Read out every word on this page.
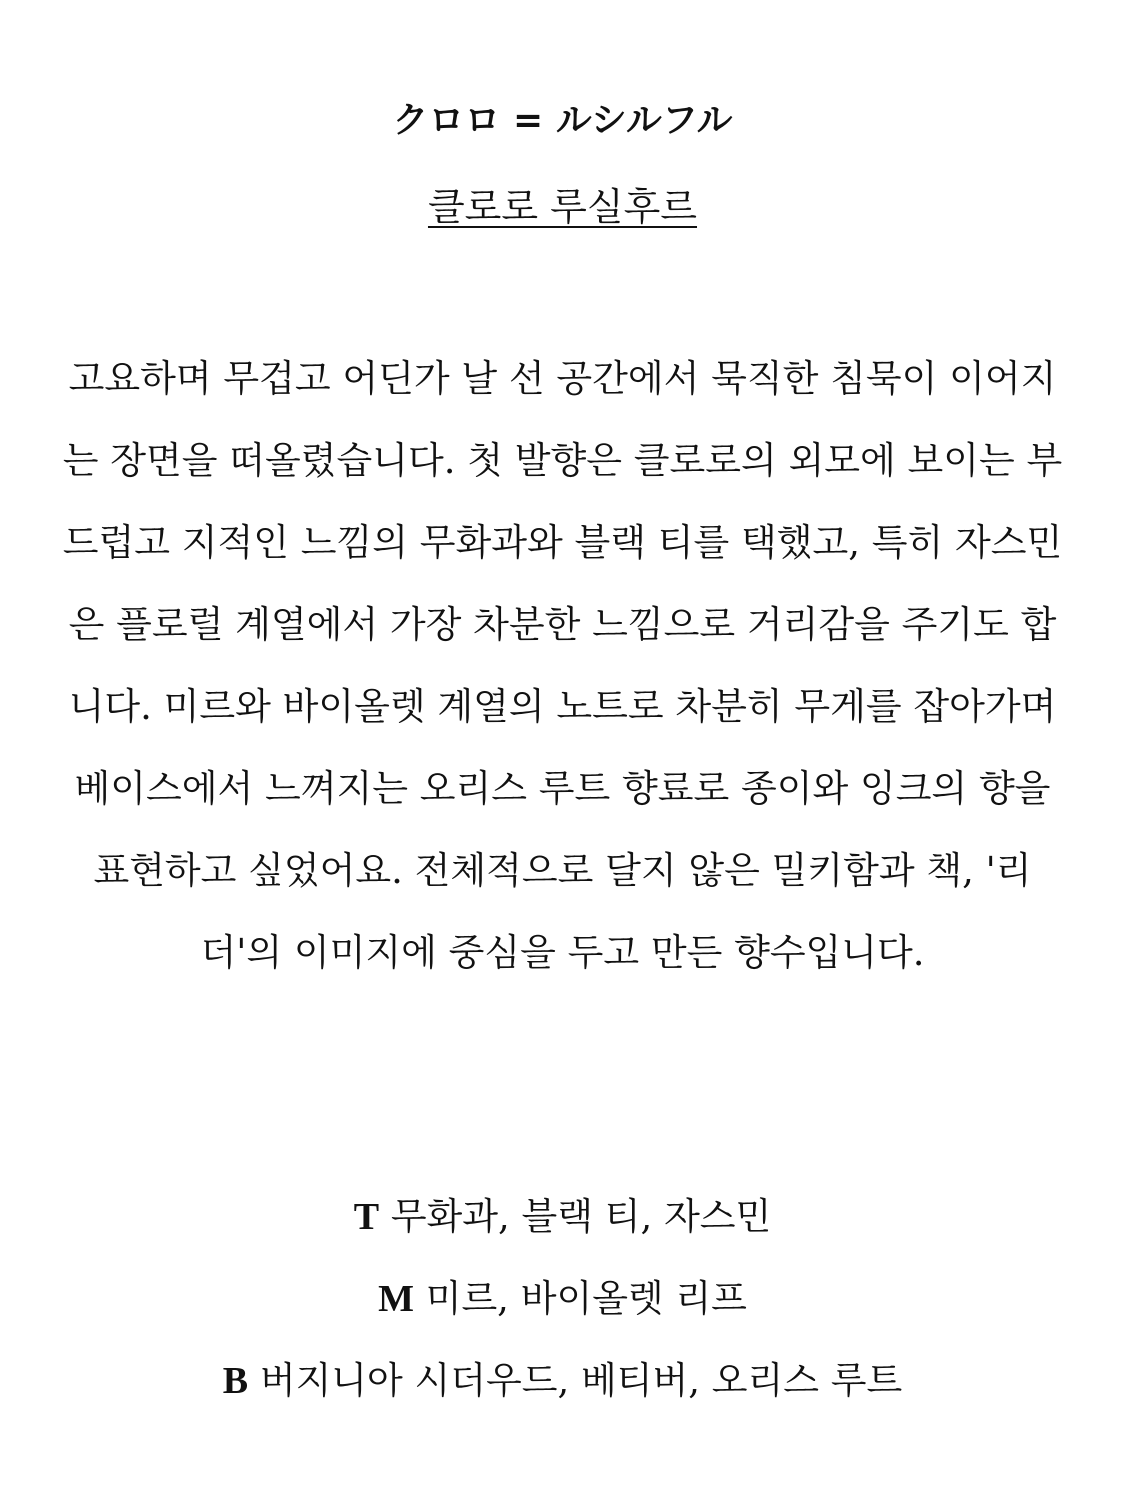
クロロ = ルシルフル
클로로 루실후르

고요하며 무겁고 어딘가 날 선 공간에서 묵직한 침묵이 이어지는 장면을 떠올렸습니다. 첫 발향은 클로로의 외모에 보이는 부드럽고 지적인 느낌의 무화과와 블랙 티를 택했고, 특히 자스민은 플로럴 계열에서 가장 차분한 느낌으로 거리감을 주기도 합니다. 미르와 바이올렛 계열의 노트로 차분히 무게를 잡아가며 베이스에서 느껴지는 오리스 루트 향료로 종이와 잉크의 향을 표현하고 싶었어요. 전체적으로 달지 않은 밀키함과 책, '리더'의 이미지에 중심을 두고 만든 향수입니다.

T 무화과, 블랙 티, 자스민
M 미르, 바이올렛 리프
B 버지니아 시더우드, 베티버, 오리스 루트
